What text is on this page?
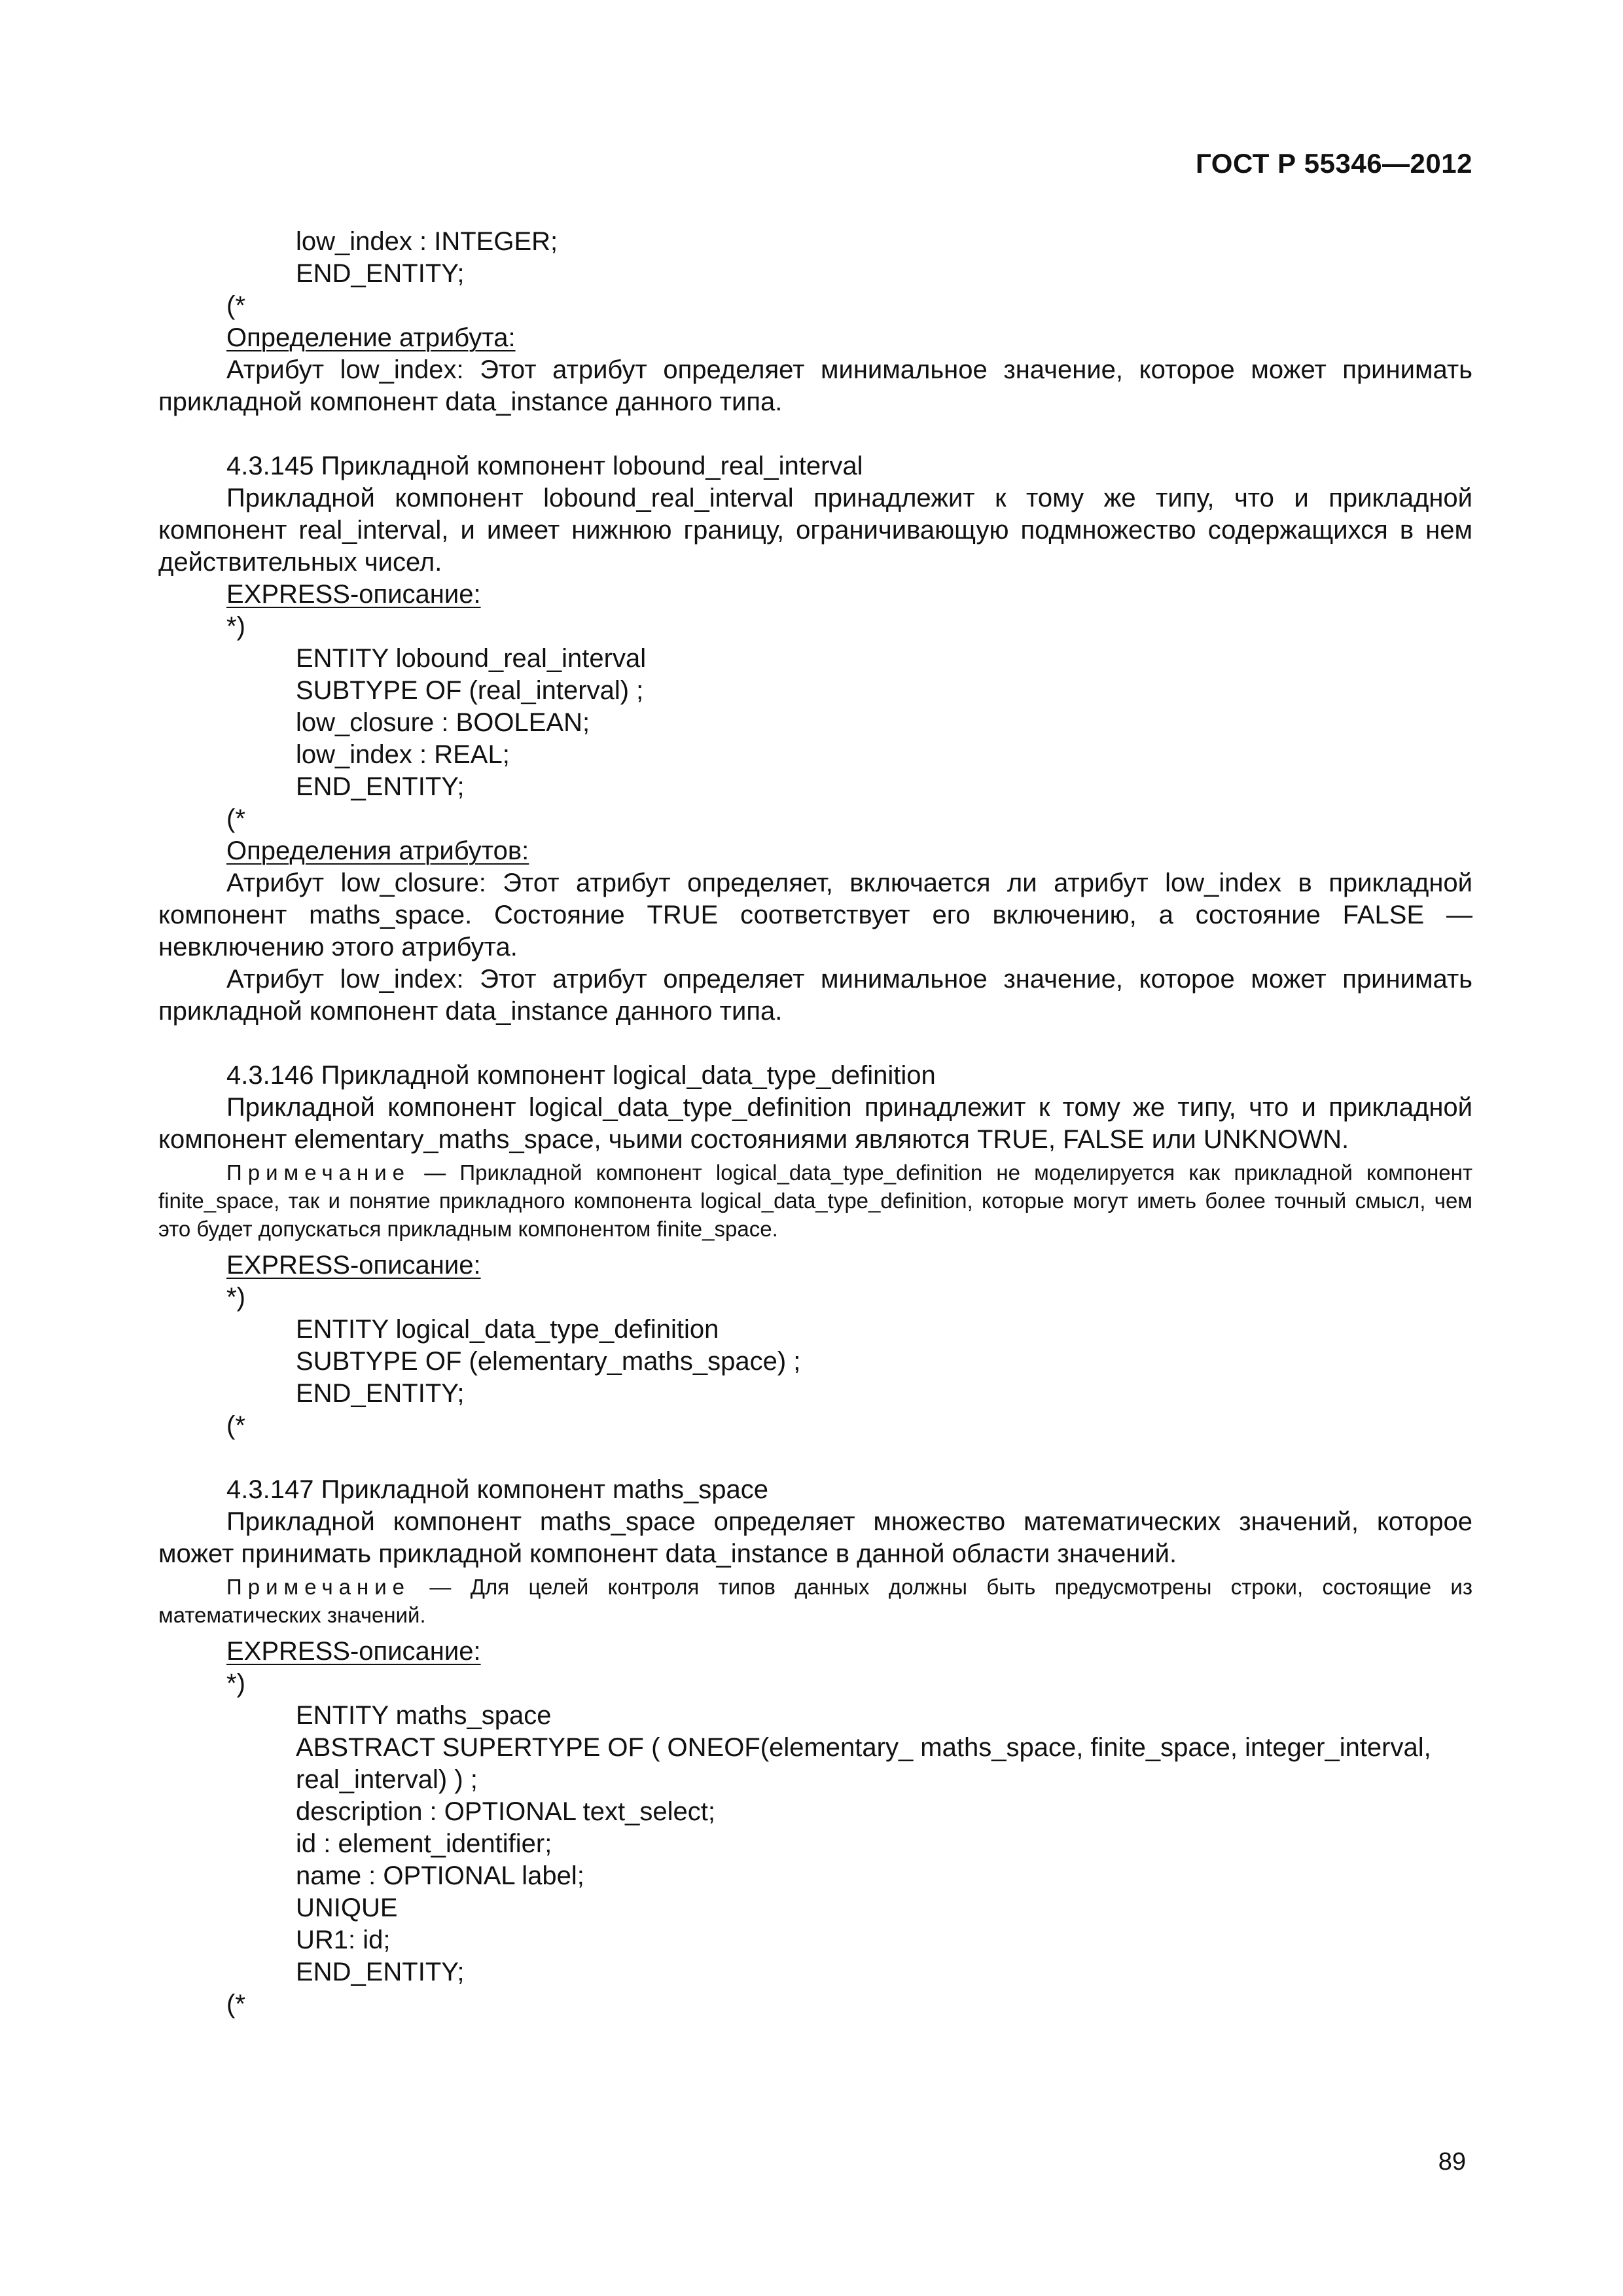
ГОСТ Р 55346—2012
low_index : INTEGER;
END_ENTITY;
(*
Определение атрибута:
Атрибут low_index: Этот атрибут определяет минимальное значение, которое может принимать прикладной компонент data_instance данного типа.
4.3.145 Прикладной компонент lobound_real_interval
Прикладной компонент lobound_real_interval принадлежит к тому же типу, что и прикладной компонент real_interval, и имеет нижнюю границу, ограничивающую подмножество содержащихся в нем действительных чисел.
EXPRESS-описание:
*)
ENTITY lobound_real_interval
SUBTYPE OF (real_interval) ;
low_closure : BOOLEAN;
low_index : REAL;
END_ENTITY;
(*
Определения атрибутов:
Атрибут low_closure: Этот атрибут определяет, включается ли атрибут low_index в прикладной компонент maths_space. Состояние TRUE соответствует его включению, а состояние FALSE — невключению этого атрибута.
Атрибут low_index: Этот атрибут определяет минимальное значение, которое может принимать прикладной компонент data_instance данного типа.
4.3.146 Прикладной компонент logical_data_type_definition
Прикладной компонент logical_data_type_definition принадлежит к тому же типу, что и прикладной компонент elementary_maths_space, чьими состояниями являются TRUE, FALSE или UNKNOWN.
Примечание — Прикладной компонент logical_data_type_definition не моделируется как прикладной компонент finite_space, так и понятие прикладного компонента logical_data_type_definition, которые могут иметь более точный смысл, чем это будет допускаться прикладным компонентом finite_space.
EXPRESS-описание:
*)
ENTITY logical_data_type_definition
SUBTYPE OF (elementary_maths_space) ;
END_ENTITY;
(*
4.3.147 Прикладной компонент maths_space
Прикладной компонент maths_space определяет множество математических значений, которое может принимать прикладной компонент data_instance в данной области значений.
Примечание — Для целей контроля типов данных должны быть предусмотрены строки, состоящие из математических значений.
EXPRESS-описание:
*)
ENTITY maths_space
ABSTRACT SUPERTYPE OF ( ONEOF(elementary_ maths_space, finite_space, integer_interval,
real_interval) ) ;
description : OPTIONAL text_select;
id : element_identifier;
name : OPTIONAL label;
UNIQUE
UR1: id;
END_ENTITY;
(*
89
